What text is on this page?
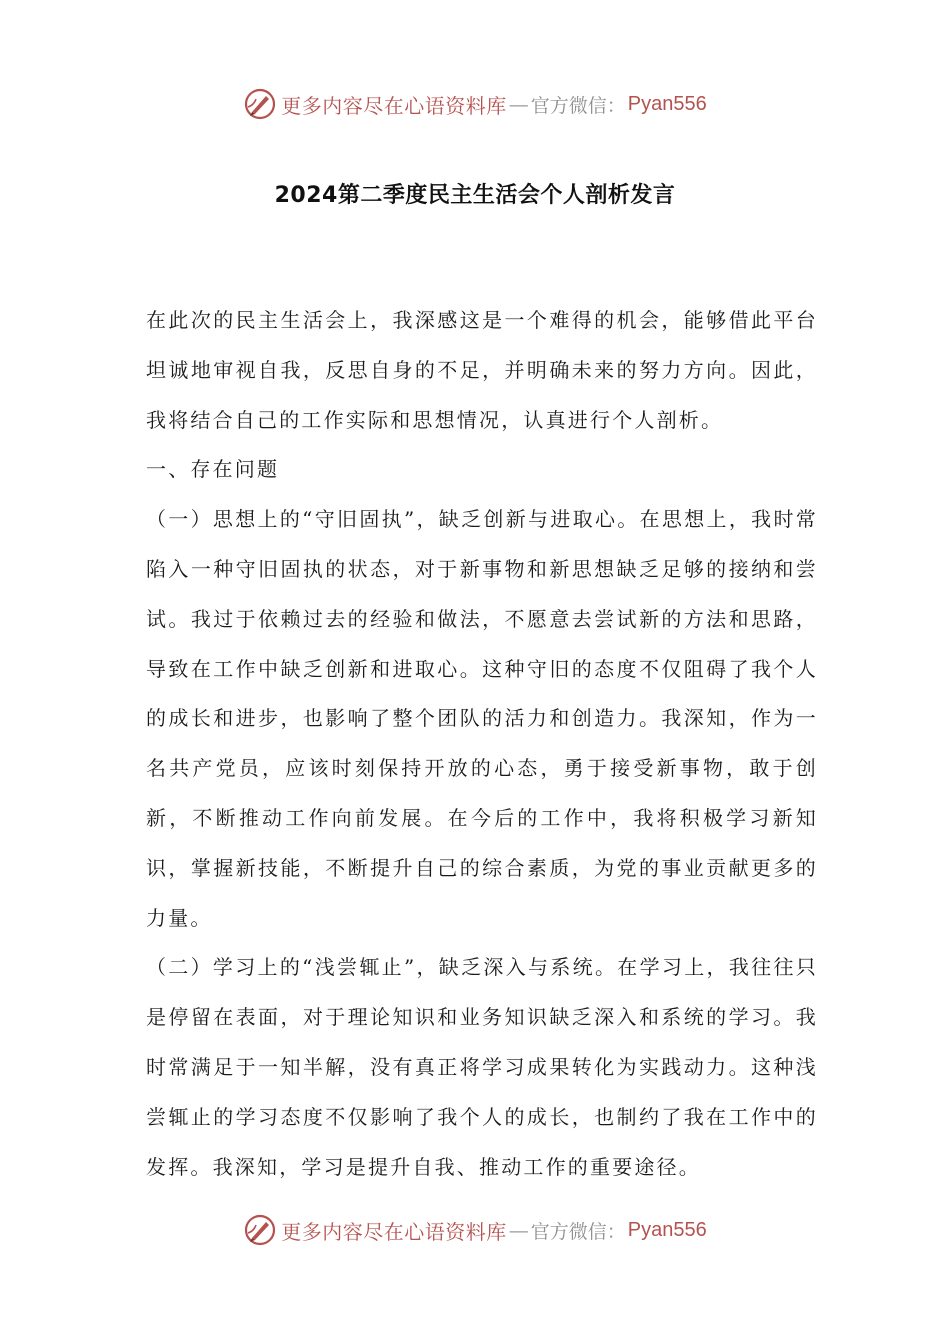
更多内容尽在心语资料库 — 官方微信： Pyan556
2024第二季度民主生活会个人剖析发言

在此次的民主生活会上，我深感这是一个难得的机会，能够借此平台坦诚地审视自我，反思自身的不足，并明确未来的努力方向。因此，我将结合自己的工作实际和思想情况，认真进行个人剖析。

一、存在问题

（一）思想上的“守旧固执”，缺乏创新与进取心。在思想上，我时常陷入一种守旧固执的状态，对于新事物和新思想缺乏足够的接纳和尝试。我过于依赖过去的经验和做法，不愿意去尝试新的方法和思路，导致在工作中缺乏创新和进取心。这种守旧的态度不仅阻碍了我个人的成长和进步，也影响了整个团队的活力和创造力。我深知，作为一名共产党员，应该时刻保持开放的心态，勇于接受新事物，敢于创新，不断推动工作向前发展。在今后的工作中，我将积极学习新知识，掌握新技能，不断提升自己的综合素质，为党的事业贡献更多的力量。

（二）学习上的“浅尝辄止”，缺乏深入与系统。在学习上，我往往只是停留在表面，对于理论知识和业务知识缺乏深入和系统的学习。我时常满足于一知半解，没有真正将学习成果转化为实践动力。这种浅尝辄止的学习态度不仅影响了我个人的成长，也制约了我在工作中的发挥。我深知，学习是提升自我、推动工作的重要途径。

更多内容尽在心语资料库 — 官方微信： Pyan556
